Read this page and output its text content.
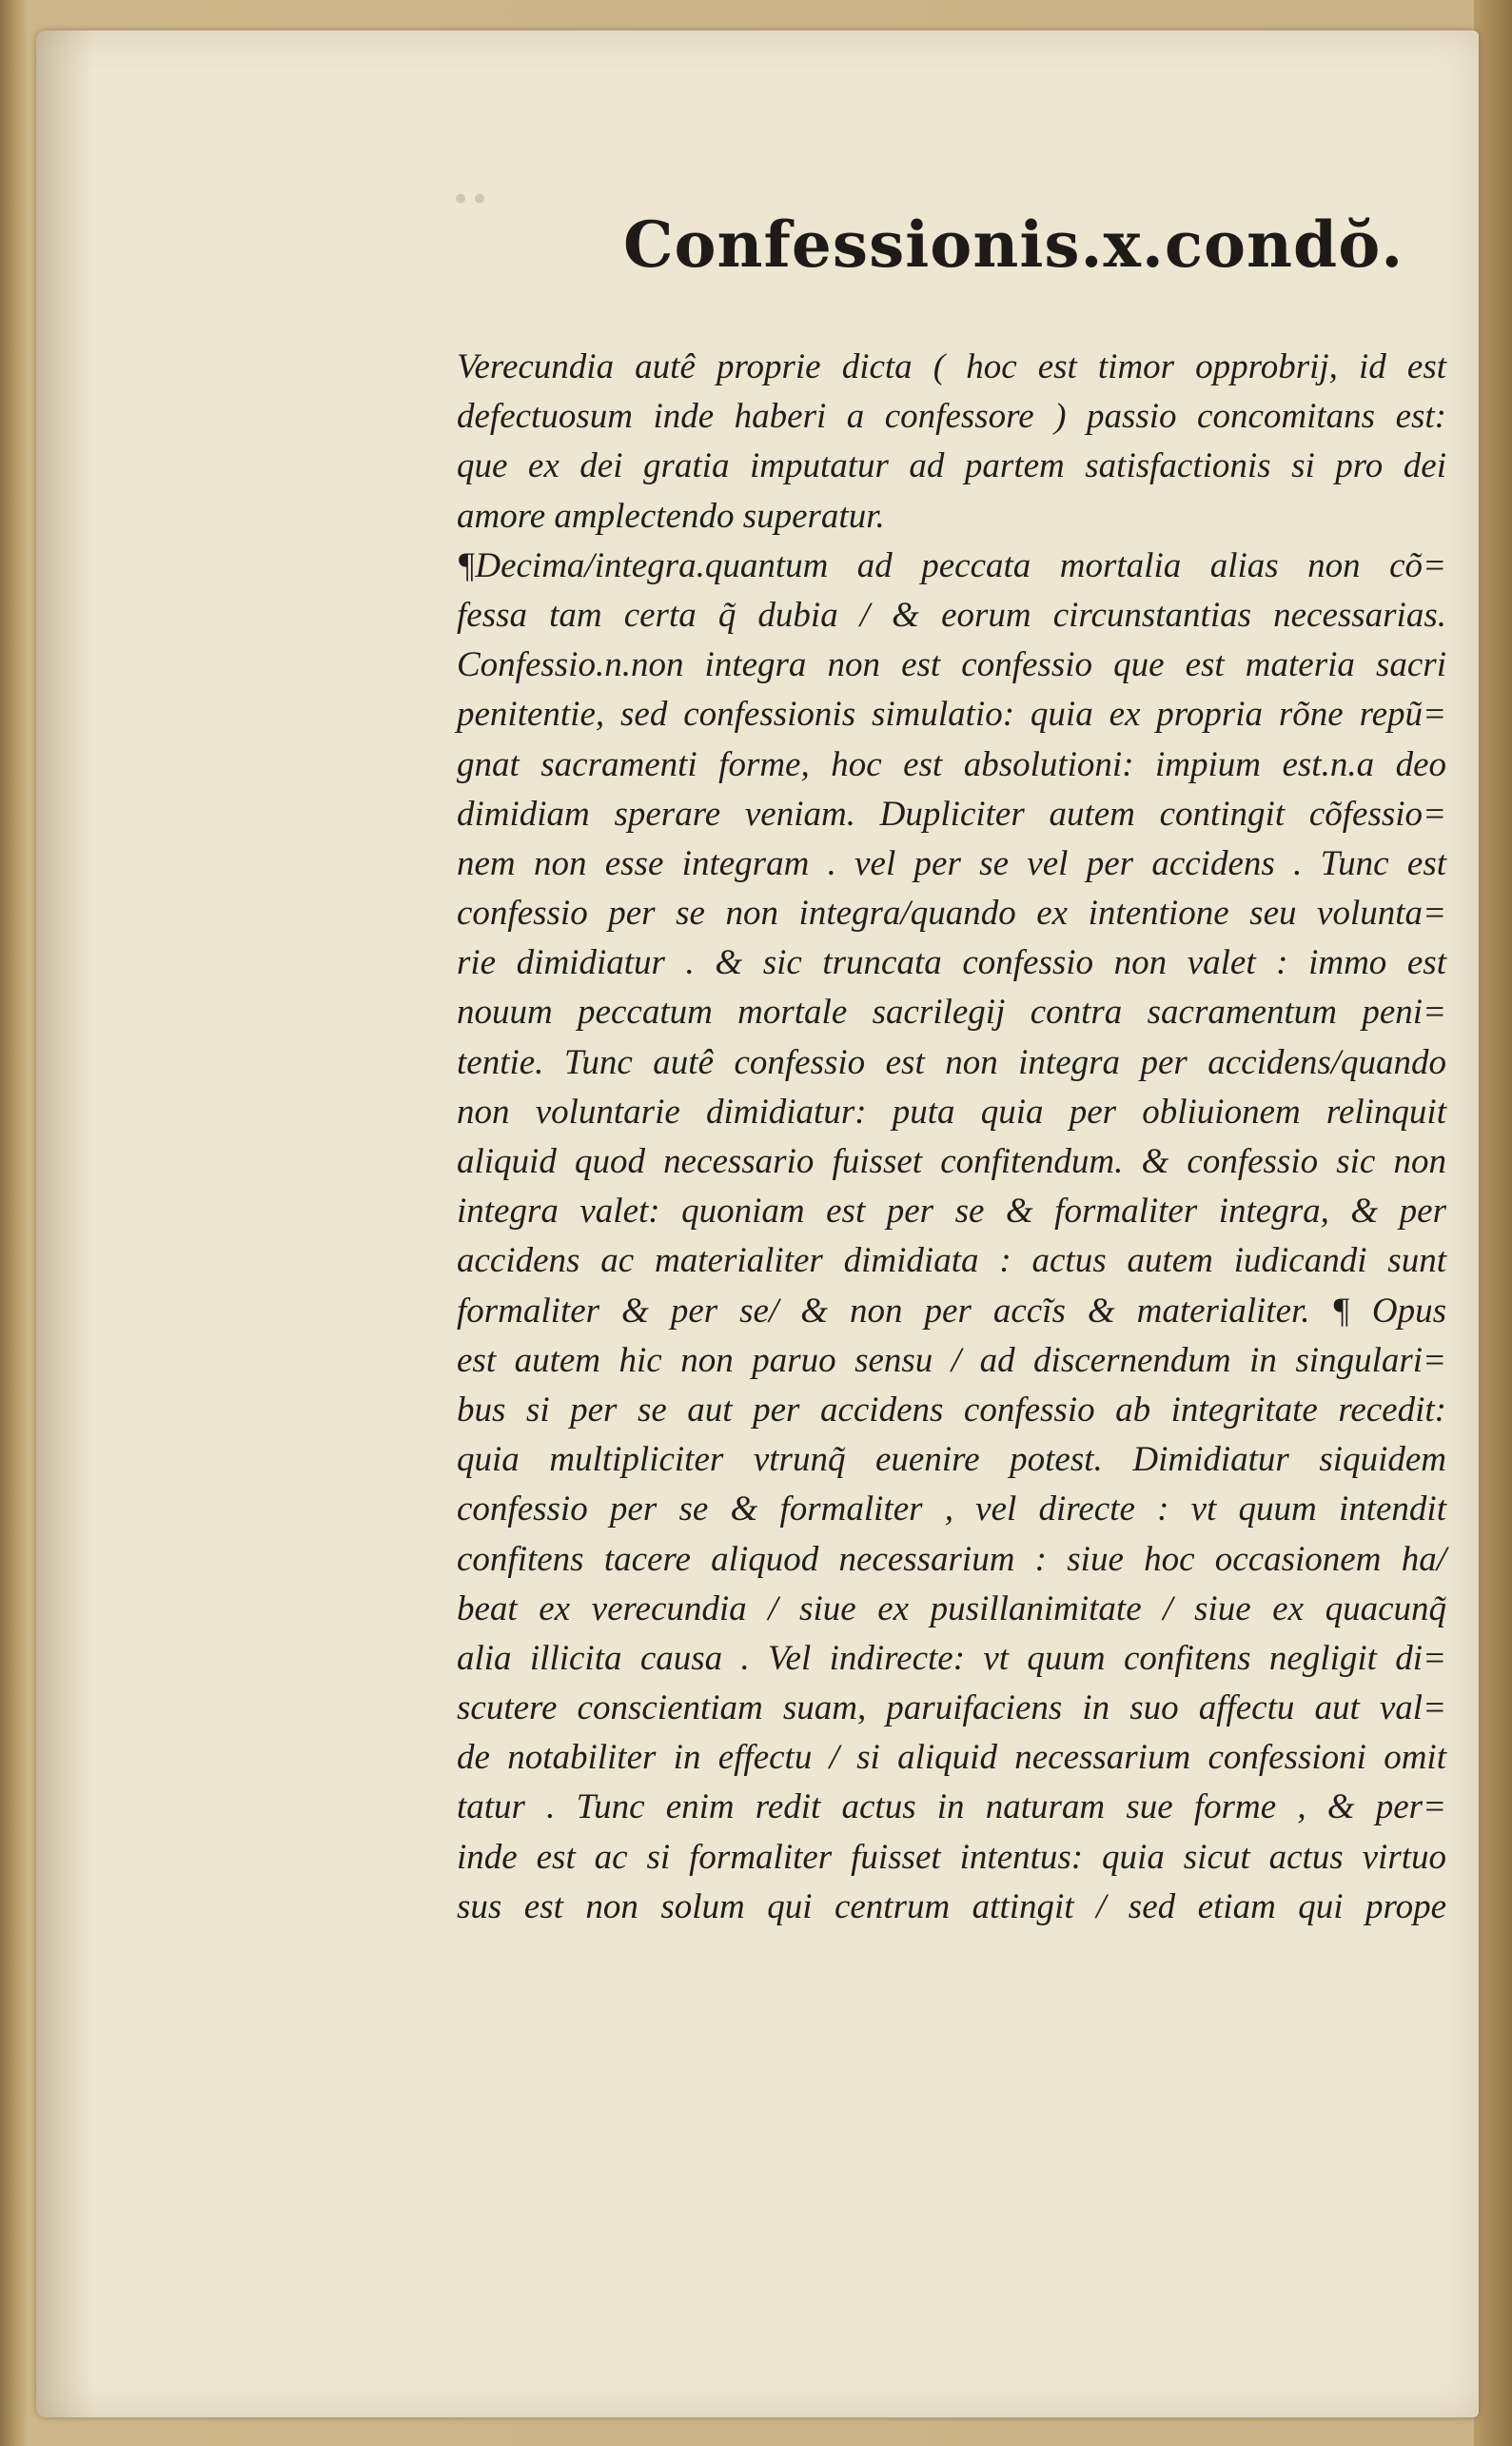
••
Confessionis.x.condŏ.
Verecundia autê proprie dicta ( hoc est timor opprobrij, id est
defectuosum inde haberi a confessore ) passio concomitans est:
que ex dei gratia imputatur ad partem satisfactionis si pro dei
amore amplectendo superatur.
¶Decima/integra.quantum ad peccata mortalia alias non cõ=
fessa tam certa q̃ dubia / & eorum circunstantias necessarias.
Confessio.n.non integra non est confessio que est materia sacri
penitentie, sed confessionis simulatio: quia ex propria rõne repũ=
gnat sacramenti forme, hoc est absolutioni: impium est.n.a deo
dimidiam sperare veniam. Dupliciter autem contingit cõfessio=
nem non esse integram . vel per se vel per accidens . Tunc est
confessio per se non integra/quando ex intentione seu volunta=
rie dimidiatur . & sic truncata confessio non valet : immo est
nouum peccatum mortale sacrilegij contra sacramentum peni=
tentie. Tunc autê confessio est non integra per accidens/quando
non voluntarie dimidiatur: puta quia per obliuionem relinquit
aliquid quod necessario fuisset confitendum. & confessio sic non
integra valet: quoniam est per se & formaliter integra, & per
accidens ac materialiter dimidiata : actus autem iudicandi sunt
formaliter & per se/ & non per accĩs & materialiter. ¶ Opus
est autem hic non paruo sensu / ad discernendum in singulari=
bus si per se aut per accidens confessio ab integritate recedit:
quia multipliciter vtrunq̃ euenire potest. Dimidiatur siquidem
confessio per se & formaliter , vel directe : vt quum intendit
confitens tacere aliquod necessarium : siue hoc occasionem ha/
beat ex verecundia / siue ex pusillanimitate / siue ex quacunq̃
alia illicita causa . Vel indirecte: vt quum confitens negligit di=
scutere conscientiam suam, paruifaciens in suo affectu aut val=
de notabiliter in effectu / si aliquid necessarium confessioni omit
tatur . Tunc enim redit actus in naturam sue forme , & per=
inde est ac si formaliter fuisset intentus: quia sicut actus virtuo
sus est non solum qui centrum attingit / sed etiam qui prope
